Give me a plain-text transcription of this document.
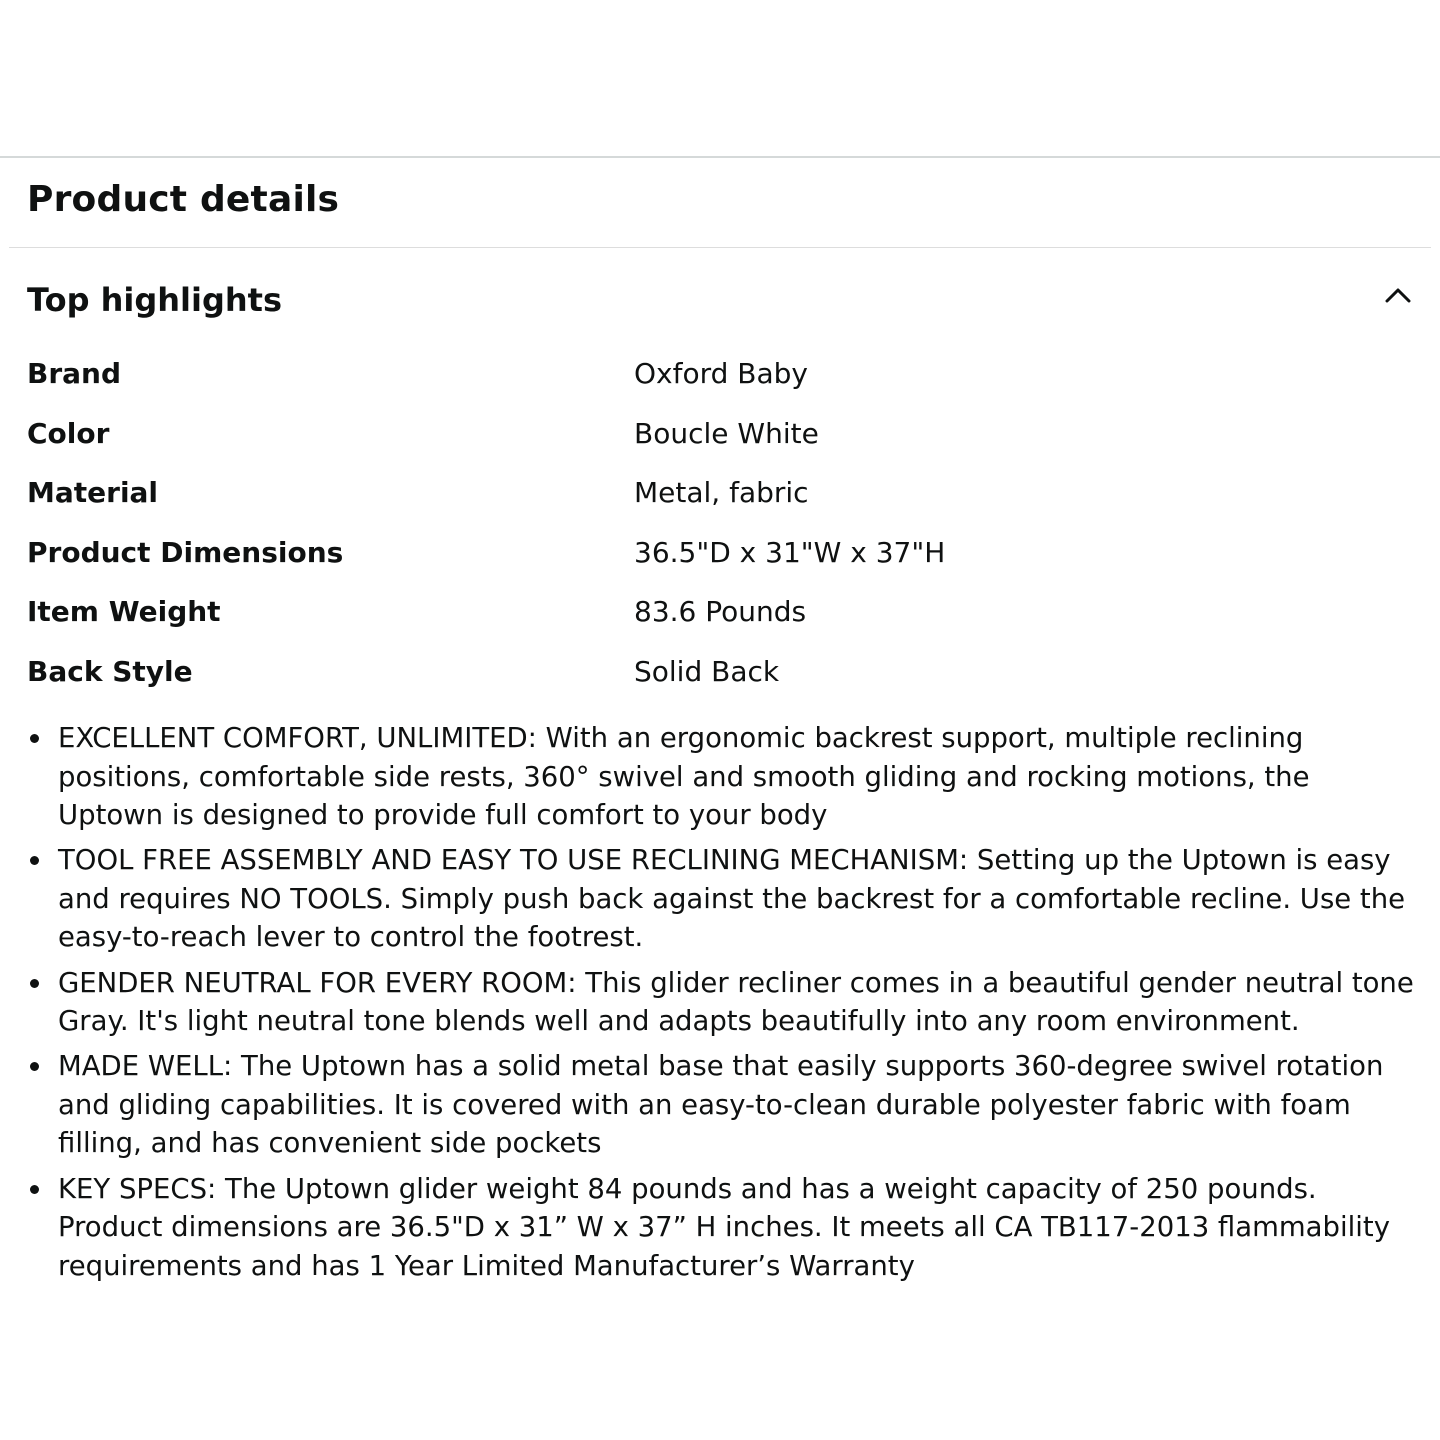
Product details
Top highlights
Brand	Oxford Baby
Color	Boucle White
Material	Metal, fabric
Product Dimensions	36.5"D x 31"W x 37"H
Item Weight	83.6 Pounds
Back Style	Solid Back
EXCELLENT COMFORT, UNLIMITED: With an ergonomic backrest support, multiple reclining positions, comfortable side rests, 360° swivel and smooth gliding and rocking motions, the Uptown is designed to provide full comfort to your body
TOOL FREE ASSEMBLY AND EASY TO USE RECLINING MECHANISM: Setting up the Uptown is easy and requires NO TOOLS. Simply push back against the backrest for a comfortable recline. Use the easy-to-reach lever to control the footrest.
GENDER NEUTRAL FOR EVERY ROOM: This glider recliner comes in a beautiful gender neutral tone Gray. It's light neutral tone blends well and adapts beautifully into any room environment.
MADE WELL: The Uptown has a solid metal base that easily supports 360-degree swivel rotation and gliding capabilities. It is covered with an easy-to-clean durable polyester fabric with foam filling, and has convenient side pockets
KEY SPECS: The Uptown glider weight 84 pounds and has a weight capacity of 250 pounds. Product dimensions are 36.5"D x 31” W x 37” H inches. It meets all CA TB117-2013 flammability requirements and has 1 Year Limited Manufacturer’s Warranty
